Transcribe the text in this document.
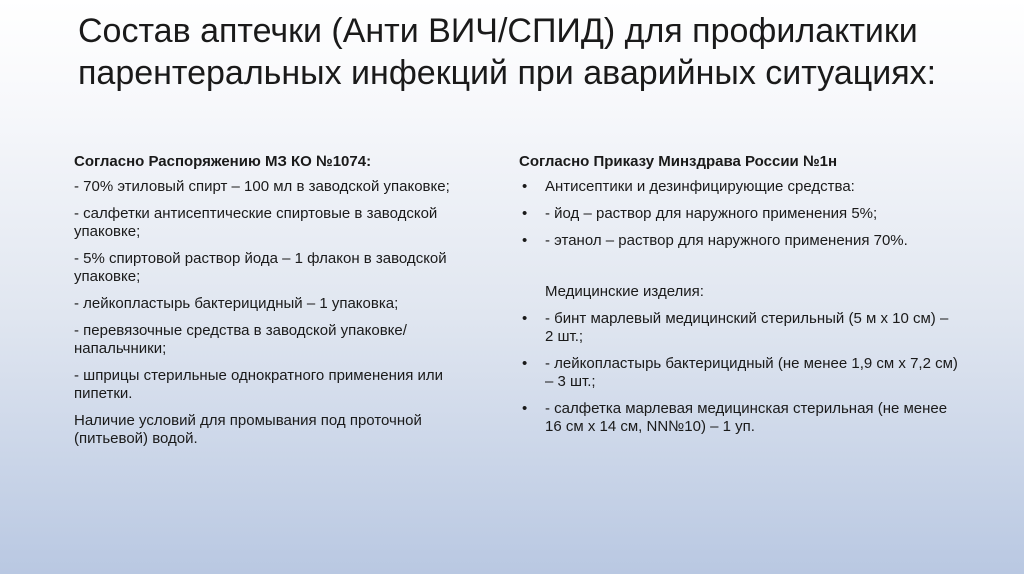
Состав аптечки (Анти ВИЧ/СПИД) для профилактики парентеральных инфекций при аварийных ситуациях:

Согласно Распоряжению МЗ КО №1074:

- 70% этиловый спирт – 100 мл в заводской упаковке;

- салфетки антисептические спиртовые в заводской упаковке;

- 5% спиртовой раствор йода – 1 флакон в заводской упаковке;

- лейкопластырь бактерицидный – 1 упаковка;

- перевязочные средства в заводской упаковке/напальчники;

- шприцы стерильные однократного применения или пипетки.

Наличие условий для промывания под проточной (питьевой) водой.

Согласно Приказу Минздрава России №1н

• Антисептики и дезинфицирующие средства:
• - йод – раствор для наружного применения 5%;
• - этанол – раствор для наружного применения 70%.

Медицинские изделия:

• - бинт марлевый медицинский стерильный (5 м х 10 см) – 2 шт.;
• - лейкопластырь бактерицидный (не менее 1,9 см х 7,2 см) – 3 шт.;
• - салфетка марлевая медицинская стерильная (не менее 16 см х 14 см, NN№10) – 1 уп.
